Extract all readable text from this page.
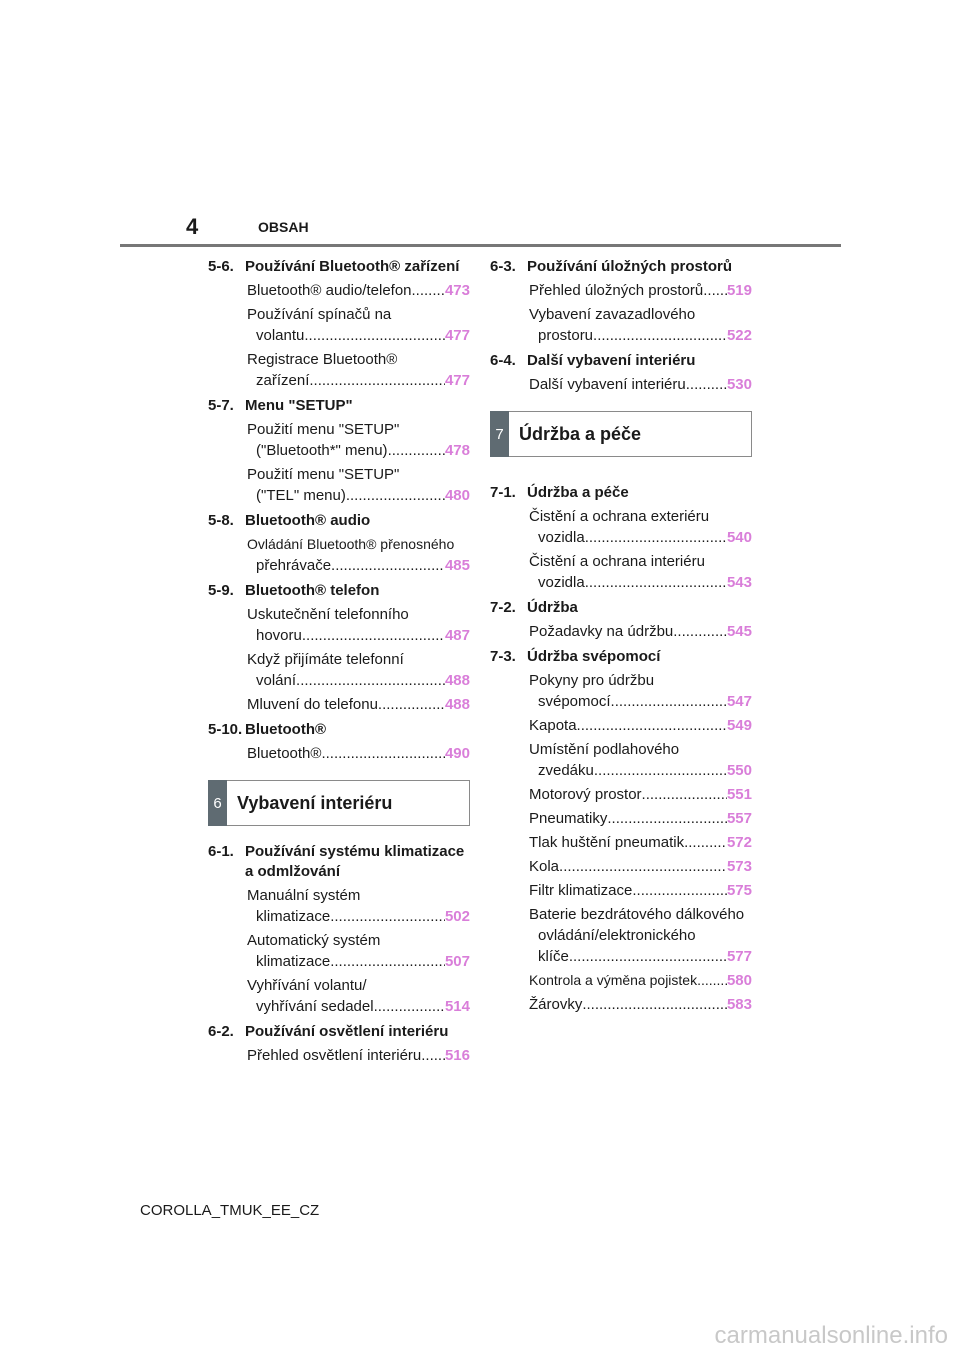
4	OBSAH
5-6. Používání Bluetooth® zařízení
Bluetooth® audio/telefon ..... 473
Používání spínačů na
volantu .....	477
Registrace Bluetooth®
zařízení .....	477
5-7. Menu "SETUP"
Použití menu "SETUP"
("Bluetooth*" menu) .....	478
Použití menu "SETUP"
("TEL" menu) .....	480
5-8. Bluetooth® audio
Ovládání Bluetooth® přenosného
přehrávače .....	485
5-9. Bluetooth® telefon
Uskutečnění telefonního
hovoru .....	487
Když přijímáte telefonní
volání .....	488
Mluvení do telefonu .....	488
5-10. Bluetooth®
Bluetooth® .....	490
6 Vybavení interiéru
6-1. Používání systému klimatizace
a odmlžování
Manuální systém
klimatizace .....	502
Automatický systém
klimatizace .....	507
Vyhřívání volantu/
vyhřívání sedadel .....	514
6-2. Používání osvětlení interiéru
Přehled osvětlení interiéru ..... 516
6-3. Používání úložných prostorů
Přehled úložných prostorů ..... 519
Vybavení zavazadlového
prostoru .....	522
6-4. Další vybavení interiéru
Další vybavení interiéru .....	530
7 Údržba a péče
7-1. Údržba a péče
Čistění a ochrana exteriéru
vozidla .....	540
Čistění a ochrana interiéru
vozidla .....	543
7-2. Údržba
Požadavky na údržbu .....	545
7-3. Údržba svépomocí
Pokyny pro údržbu
svépomocí .....	547
Kapota .....	549
Umístění podlahového
zvedáku .....	550
Motorový prostor .....	551
Pneumatiky .....	557
Tlak huštění pneumatik .....	572
Kola .....	573
Filtr klimatizace .....	575
Baterie bezdrátového dálkového
ovládání/elektronického
klíče .....	577
Kontrola a výměna pojistek ..... 580
Žárovky .....	583
COROLLA_TMUK_EE_CZ
carmanualsonline.info
